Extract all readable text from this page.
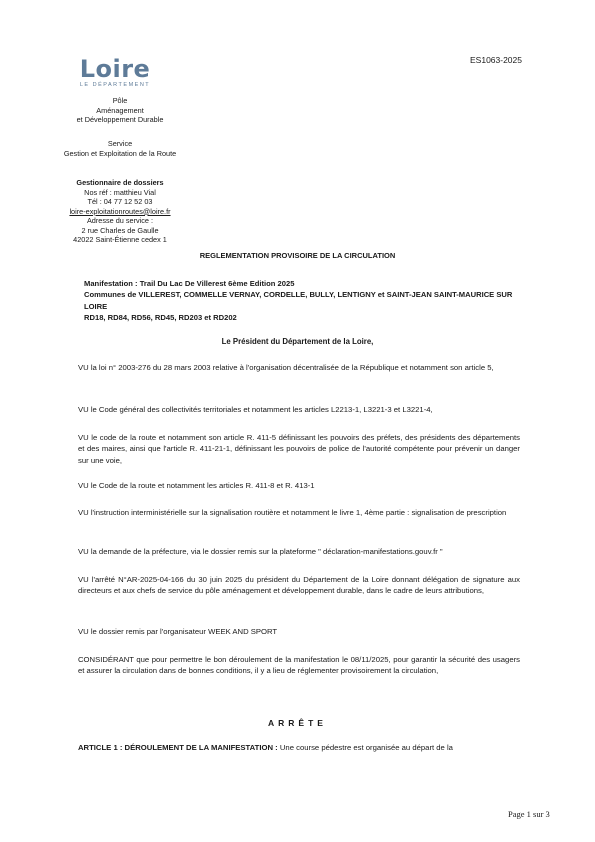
ES1063-2025
Loire
LE DÉPARTEMENT
Pôle
Aménagement
et Développement Durable
Service
Gestion et Exploitation de la Route
Gestionnaire de dossiers
Nos réf : matthieu Vial
Tél : 04 77 12 52 03
loire-exploitationroutes@loire.fr
Adresse du service :
2 rue Charles de Gaulle
42022 Saint-Étienne cedex 1
REGLEMENTATION PROVISOIRE DE LA CIRCULATION
Manifestation : Trail Du Lac De Villerest 6ème Edition 2025
Communes de VILLEREST, COMMELLE VERNAY, CORDELLE, BULLY, LENTIGNY et SAINT-JEAN SAINT-MAURICE SUR LOIRE
RD18, RD84, RD56, RD45, RD203 et RD202
Le Président du Département de la Loire,
VU la loi n° 2003-276 du 28 mars 2003 relative à l'organisation décentralisée de la République et notamment son article 5,
VU le Code général des collectivités territoriales et notamment les articles L2213-1, L3221-3 et L3221-4,
VU le code de la route et notamment son article R. 411-5 définissant les pouvoirs des préfets, des présidents des départements et des maires, ainsi que l'article R. 411-21-1, définissant les pouvoirs de police de l'autorité compétente pour prévenir un danger sur une voie,
VU le Code de la route et notamment les articles R. 411-8 et R. 413-1
VU l'instruction interministérielle sur la signalisation routière et notamment le livre 1, 4ème partie : signalisation de prescription
VU la demande de la préfecture, via le dossier remis sur la plateforme " déclaration-manifestations.gouv.fr "
VU l'arrêté N°AR-2025-04-166 du 30 juin 2025 du président du Département de la Loire donnant délégation de signature aux directeurs et aux chefs de service du pôle aménagement et développement durable, dans le cadre de leurs attributions,
VU le dossier remis par l'organisateur WEEK AND SPORT
CONSIDÉRANT que pour permettre le bon déroulement de la manifestation le 08/11/2025, pour garantir la sécurité des usagers et assurer la circulation dans de bonnes conditions, il y a lieu de réglementer provisoirement la circulation,
ARRÊTE
ARTICLE 1 : DÉROULEMENT DE LA MANIFESTATION : Une course pédestre est organisée au départ de la
Page 1 sur 3
